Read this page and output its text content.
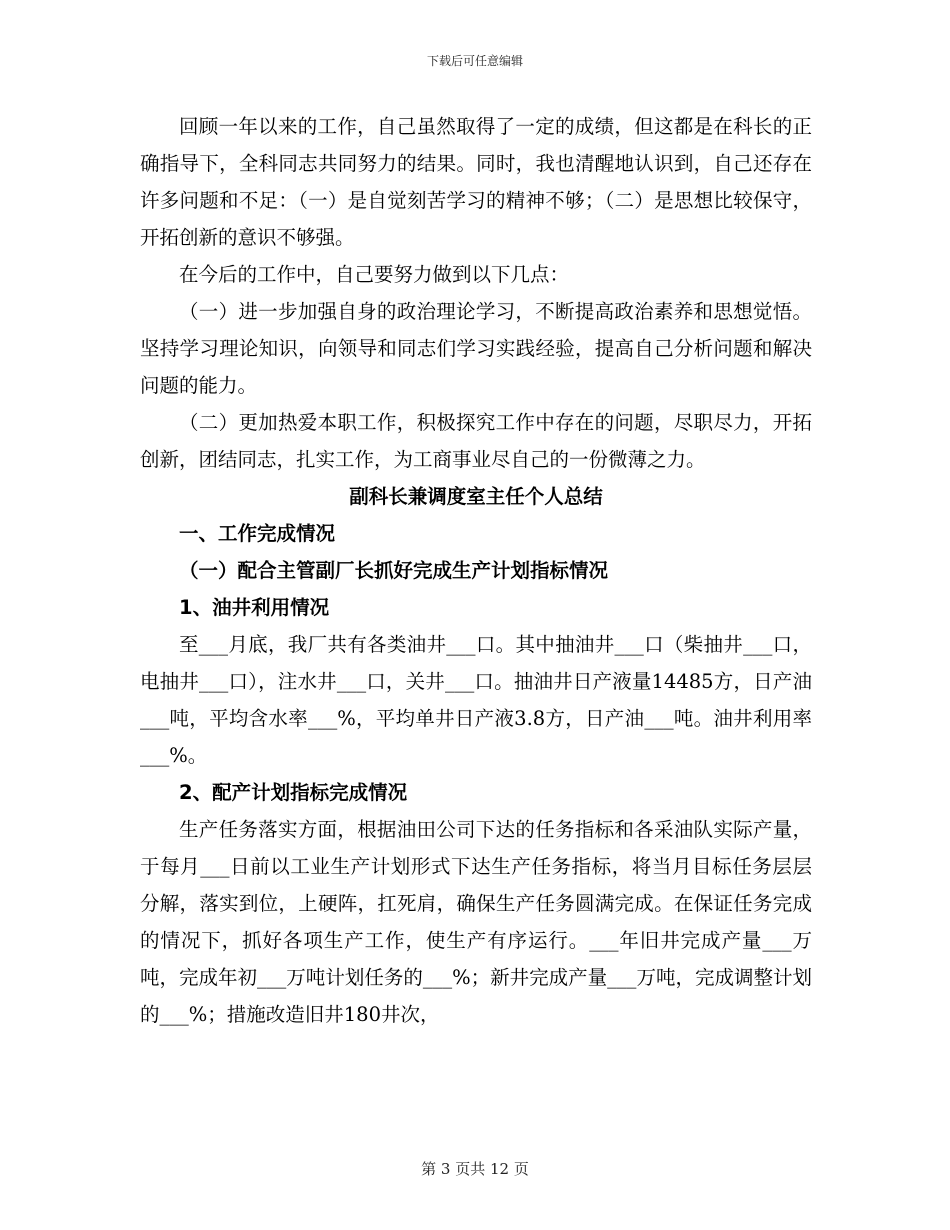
下载后可任意编辑

回顾一年以来的工作，自己虽然取得了一定的成绩，但这都是在科长的正确指导下，全科同志共同努力的结果。同时，我也清醒地认识到，自己还存在许多问题和不足：（一）是自觉刻苦学习的精神不够；（二）是思想比较保守，开拓创新的意识不够强。

在今后的工作中，自己要努力做到以下几点：

（一）进一步加强自身的政治理论学习，不断提高政治素养和思想觉悟。坚持学习理论知识，向领导和同志们学习实践经验，提高自己分析问题和解决问题的能力。

（二）更加热爱本职工作，积极探究工作中存在的问题，尽职尽力，开拓创新，团结同志，扎实工作，为工商事业尽自己的一份微薄之力。

副科长兼调度室主任个人总结

一、工作完成情况

（一）配合主管副厂长抓好完成生产计划指标情况

1、油井利用情况

至___月底，我厂共有各类油井___口。其中抽油井___口（柴抽井___口，电抽井___口），注水井___口，关井___口。抽油井日产液量14485方，日产油___吨，平均含水率___%，平均单井日产液3.8方，日产油___吨。油井利用率___%。

2、配产计划指标完成情况

生产任务落实方面，根据油田公司下达的任务指标和各采油队实际产量，于每月___日前以工业生产计划形式下达生产任务指标，将当月目标任务层层分解，落实到位，上硬阵，扛死肩，确保生产任务圆满完成。在保证任务完成的情况下，抓好各项生产工作，使生产有序运行。___年旧井完成产量___万吨，完成年初___万吨计划任务的___%；新井完成产量___万吨，完成调整计划的___%；措施改造旧井180井次，

第 3 页共 12 页
